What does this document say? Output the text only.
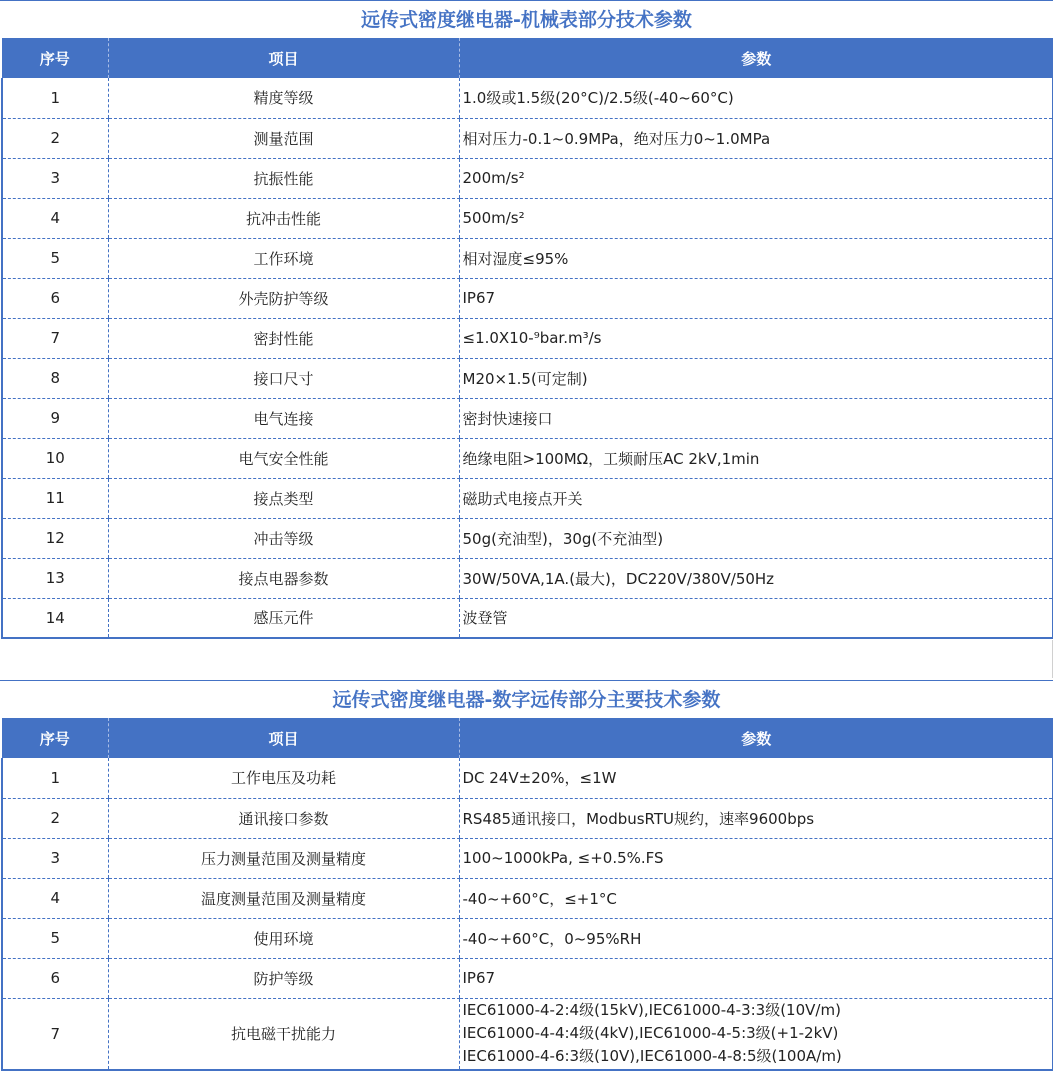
远传式密度继电器-机械表部分技术参数
序号	项目	参数
1	精度等级	1.0级或1.5级(20°C)/2.5级(-40~60°C)
2	测量范围	相对压力-0.1~0.9MPa，绝对压力0~1.0MPa
3	抗振性能	200m/s²
4	抗冲击性能	500m/s²
5	工作环境	相对湿度≤95%
6	外壳防护等级	IP67
7	密封性能	≤1.0X10-⁹bar.m³/s
8	接口尺寸	M20×1.5(可定制)
9	电气连接	密封快速接口
10	电气安全性能	绝缘电阻>100MΩ，工频耐压AC 2kV,1min
11	接点类型	磁助式电接点开关
12	冲击等级	50g(充油型)，30g(不充油型)
13	接点电器参数	30W/50VA,1A.(最大)，DC220V/380V/50Hz
14	感压元件	波登管
远传式密度继电器-数字远传部分主要技术参数
序号	项目	参数
1	工作电压及功耗	DC 24V±20%，≤1W
2	通讯接口参数	RS485通讯接口，ModbusRTU规约，速率9600bps
3	压力测量范围及测量精度	100~1000kPa, ≤+0.5%.FS
4	温度测量范围及测量精度	-40~+60°C，≤+1°C
5	使用环境	-40~+60°C，0~95%RH
6	防护等级	IP67
7	抗电磁干扰能力	IEC61000-4-2:4级(15kV),IEC61000-4-3:3级(10V/m)
IEC61000-4-4:4级(4kV),IEC61000-4-5:3级(+1-2kV)
IEC61000-4-6:3级(10V),IEC61000-4-8:5级(100A/m)
